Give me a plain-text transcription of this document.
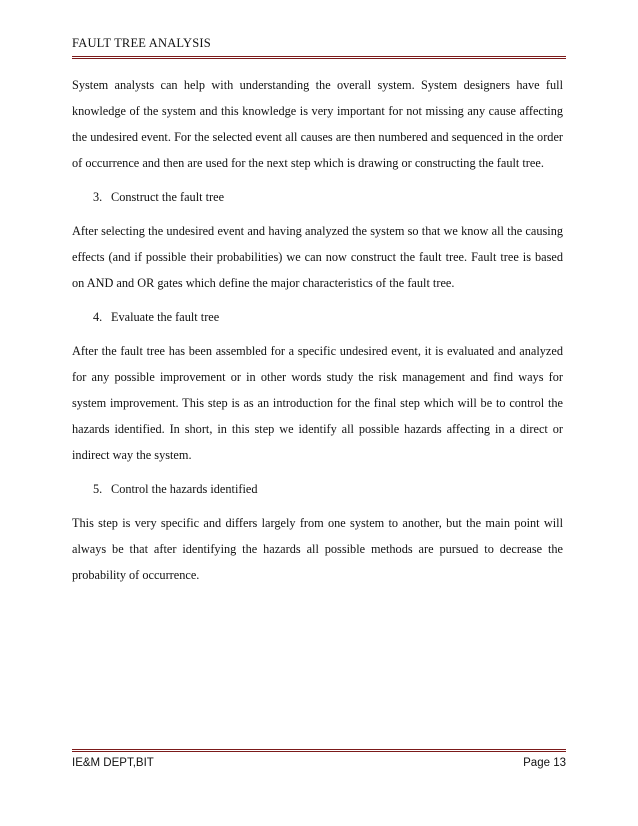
FAULT TREE ANALYSIS

System analysts can help with understanding the overall system. System designers have full knowledge of the system and this knowledge is very important for not missing any cause affecting the undesired event. For the selected event all causes are then numbered and sequenced in the order of occurrence and then are used for the next step which is drawing or constructing the fault tree.

3. Construct the fault tree

After selecting the undesired event and having analyzed the system so that we know all the causing effects (and if possible their probabilities) we can now construct the fault tree. Fault tree is based on AND and OR gates which define the major characteristics of the fault tree.

4. Evaluate the fault tree

After the fault tree has been assembled for a specific undesired event, it is evaluated and analyzed for any possible improvement or in other words study the risk management and find ways for system improvement. This step is as an introduction for the final step which will be to control the hazards identified. In short, in this step we identify all possible hazards affecting in a direct or indirect way the system.

5. Control the hazards identified

This step is very specific and differs largely from one system to another, but the main point will always be that after identifying the hazards all possible methods are pursued to decrease the probability of occurrence.

IE&M DEPT,BIT	Page 13
